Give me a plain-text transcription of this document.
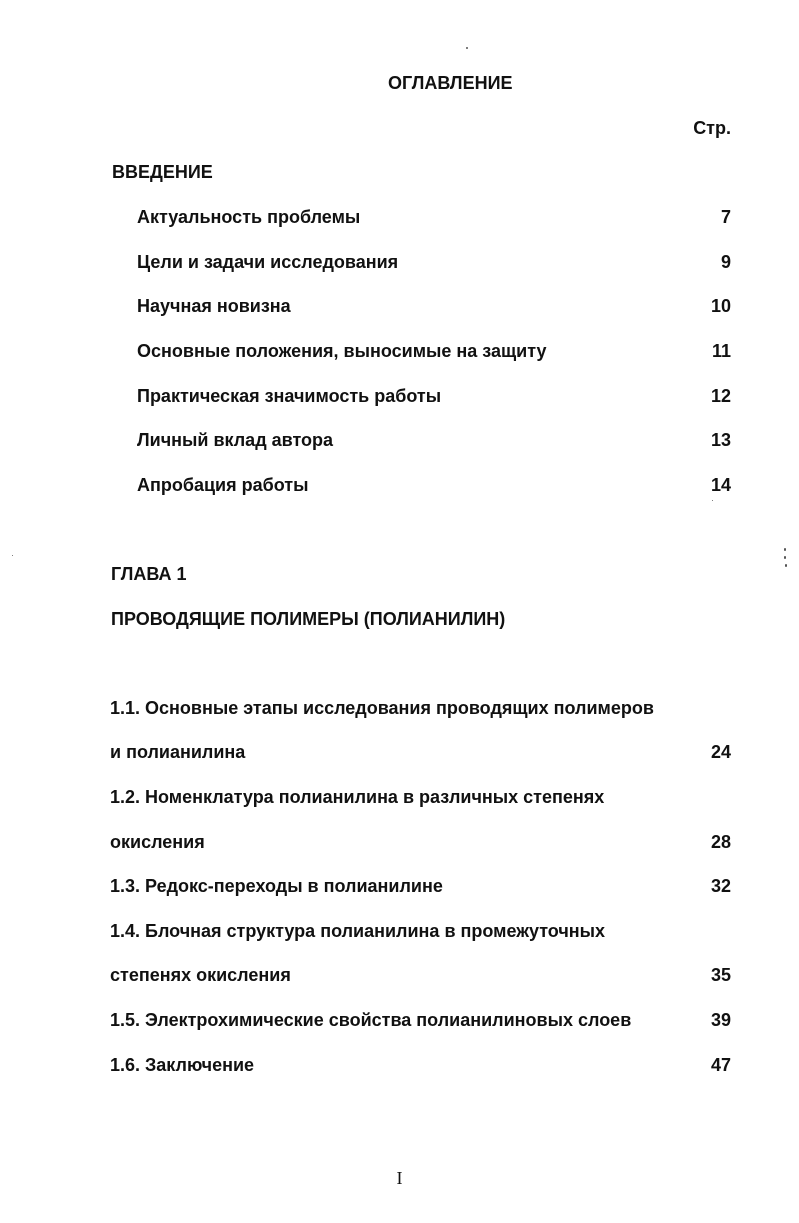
ОГЛАВЛЕНИЕ
Стр.
ВВЕДЕНИЕ
Актуальность проблемы	7
Цели и задачи исследования	9
Научная новизна	10
Основные положения, выносимые на защиту	11
Практическая значимость работы	12
Личный вклад автора	13
Апробация работы	14
ГЛАВА 1
ПРОВОДЯЩИЕ ПОЛИМЕРЫ (ПОЛИАНИЛИН)
1.1. Основные этапы исследования проводящих полимеров
и полианилина	24
1.2. Номенклатура полианилина в различных степенях
окисления	28
1.3. Редокс-переходы в полианилине	32
1.4. Блочная структура полианилина в промежуточных
степенях окисления	35
1.5. Электрохимические свойства полианилиновых слоев	39
1.6. Заключение	47
I
